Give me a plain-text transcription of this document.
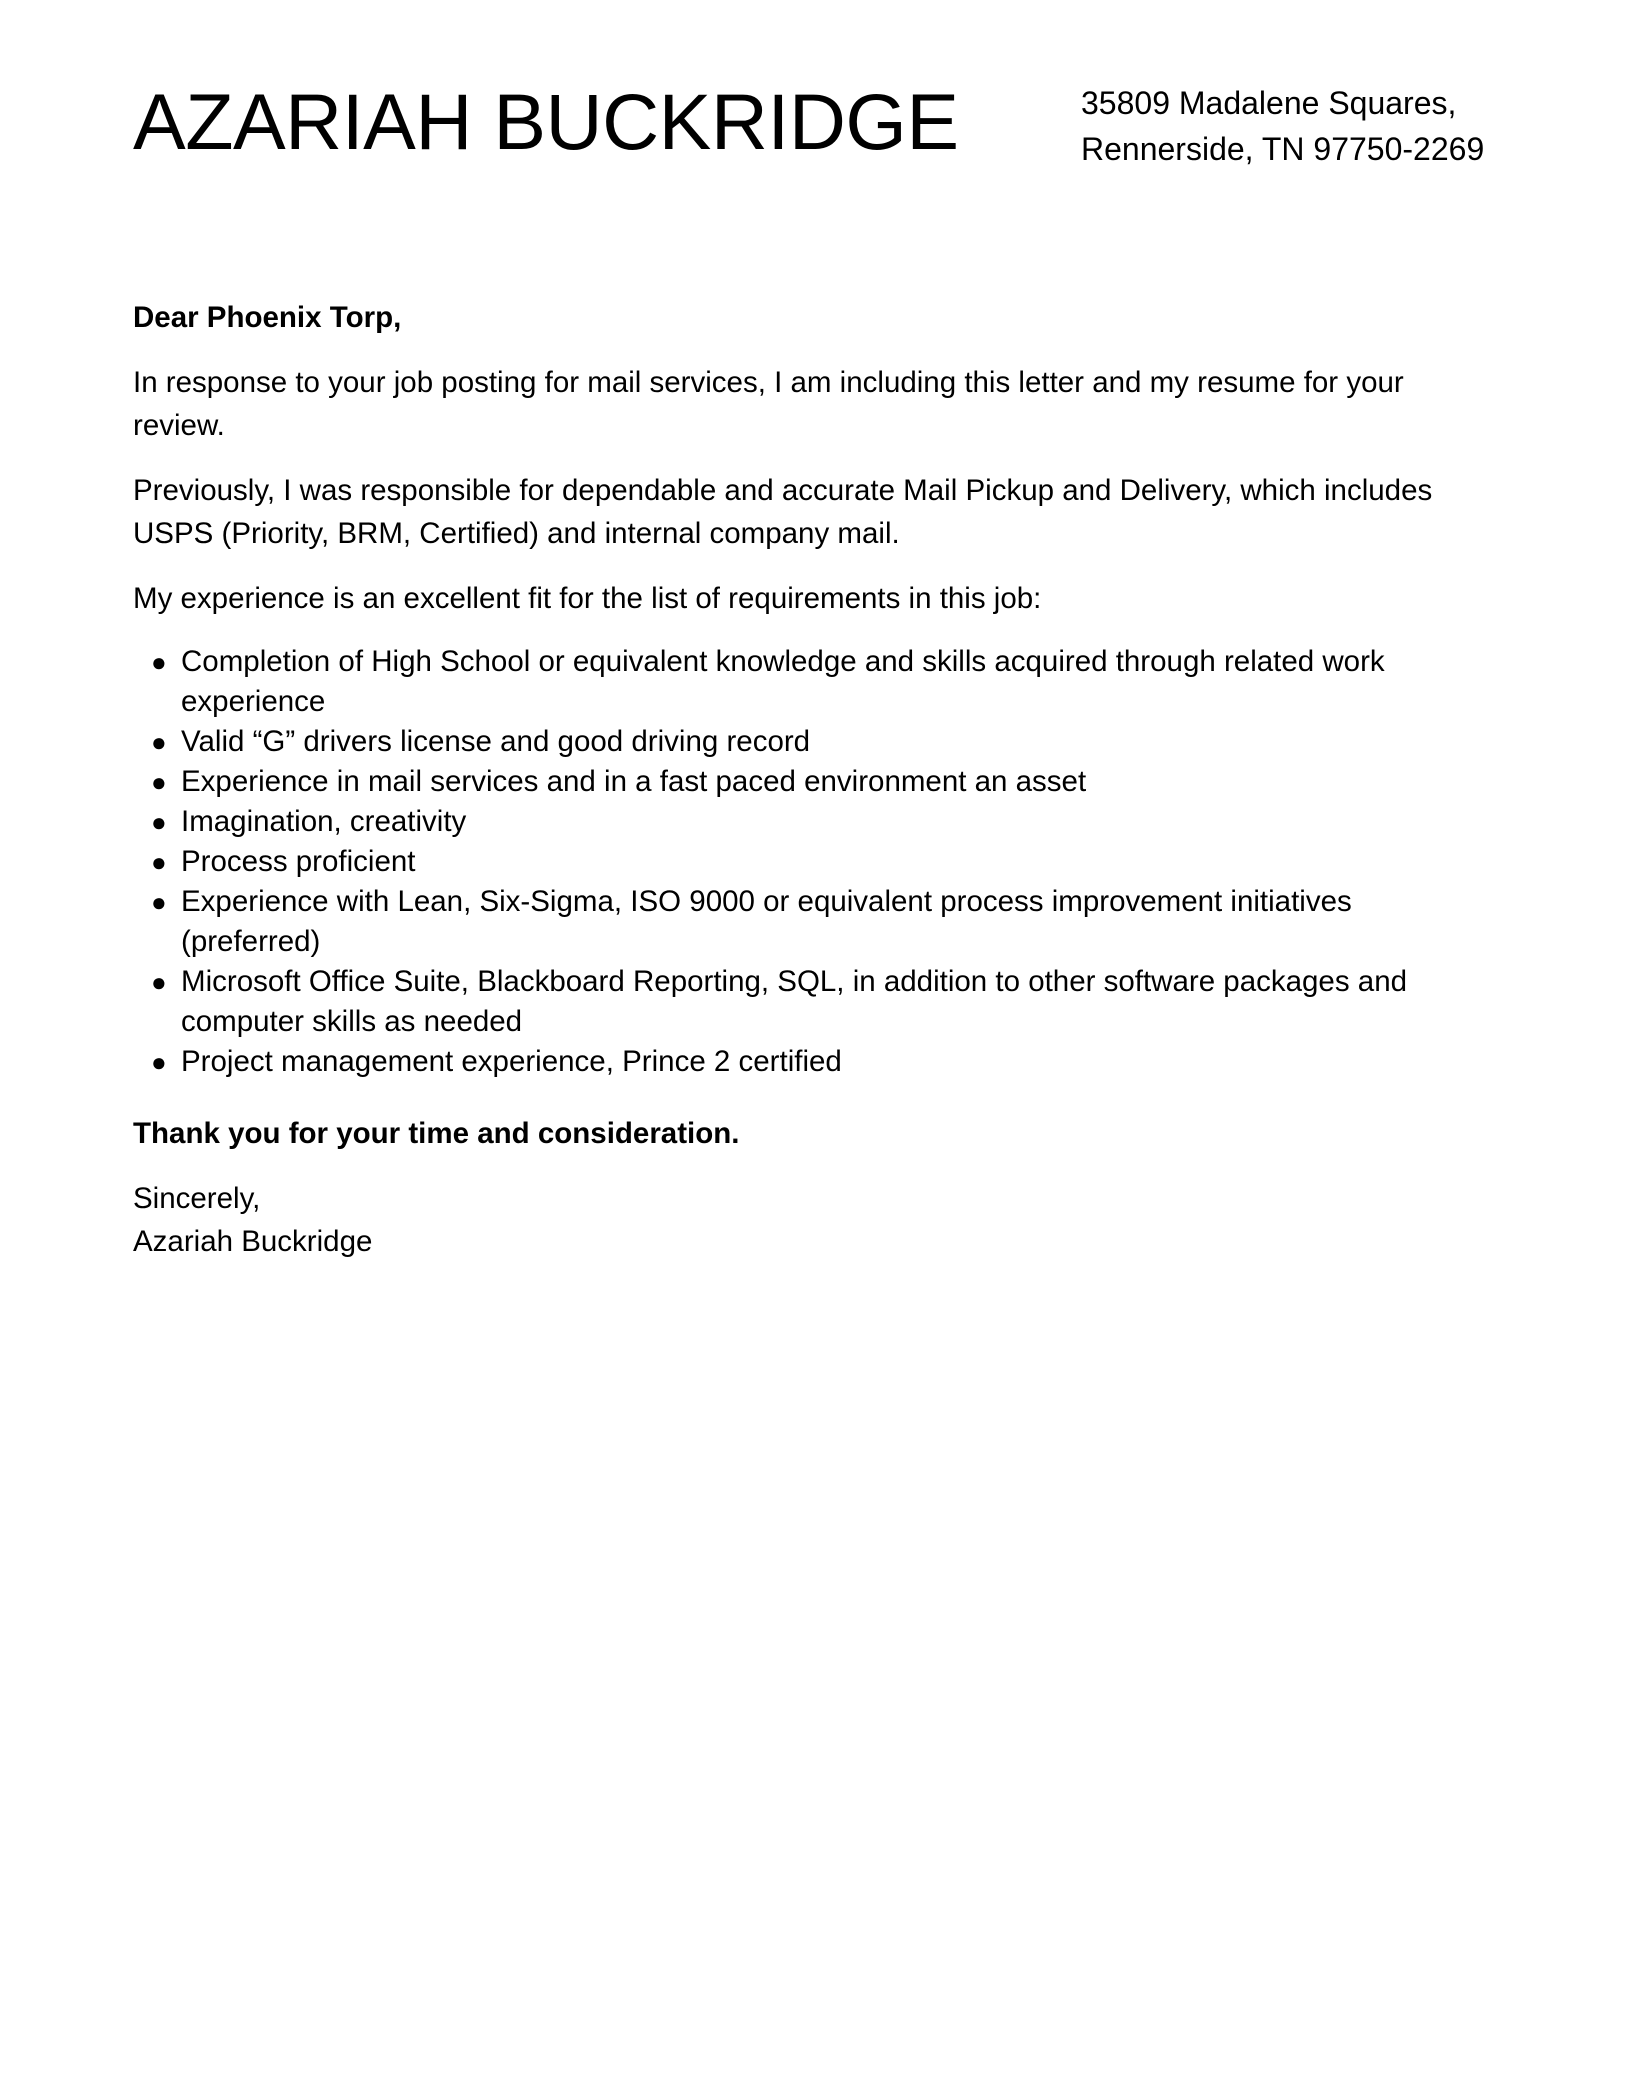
AZARIAH BUCKRIDGE	35809 Madalene Squares,
Rennerside, TN 97750-2269

Dear Phoenix Torp,

In response to your job posting for mail services, I am including this letter and my resume for your review.

Previously, I was responsible for dependable and accurate Mail Pickup and Delivery, which includes USPS (Priority, BRM, Certified) and internal company mail.

My experience is an excellent fit for the list of requirements in this job:

● Completion of High School or equivalent knowledge and skills acquired through related work experience
● Valid “G” drivers license and good driving record
● Experience in mail services and in a fast paced environment an asset
● Imagination, creativity
● Process proficient
● Experience with Lean, Six-Sigma, ISO 9000 or equivalent process improvement initiatives (preferred)
● Microsoft Office Suite, Blackboard Reporting, SQL, in addition to other software packages and computer skills as needed
● Project management experience, Prince 2 certified

Thank you for your time and consideration.

Sincerely,
Azariah Buckridge
